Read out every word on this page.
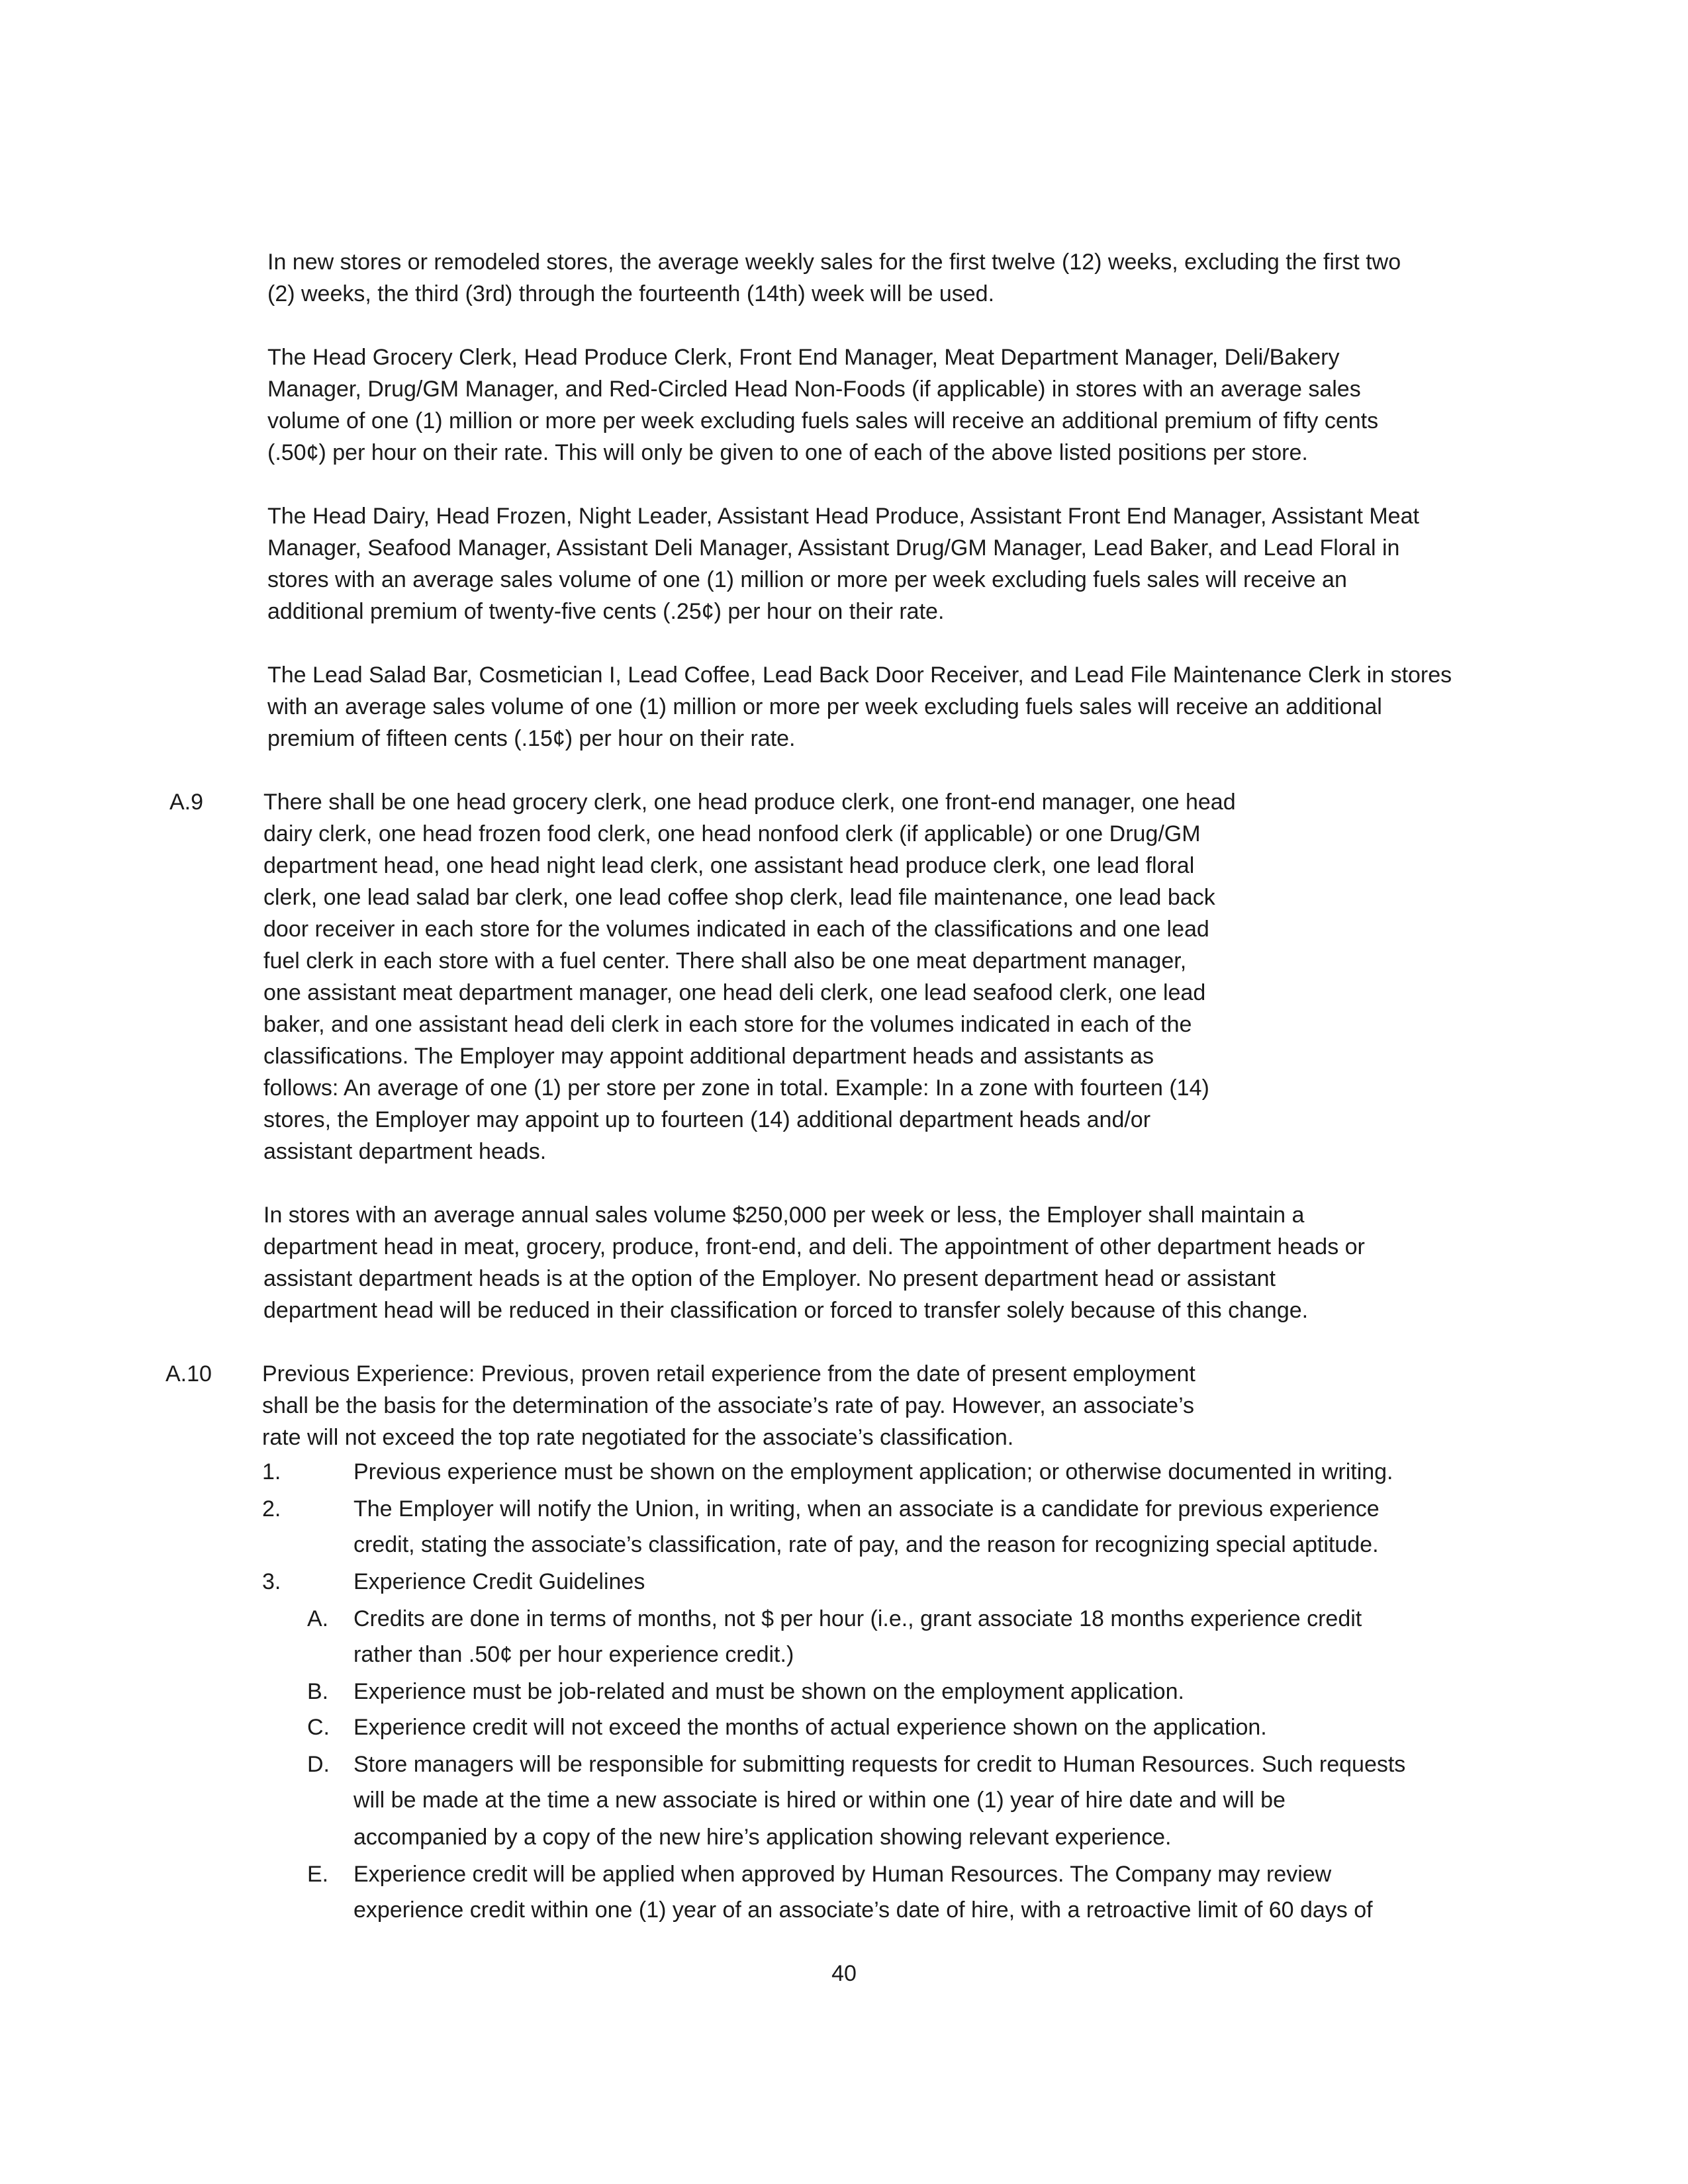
In new stores or remodeled stores, the average weekly sales for the first twelve (12) weeks, excluding the first two
(2) weeks, the third (3rd) through the fourteenth (14th) week will be used.
The Head Grocery Clerk, Head Produce Clerk, Front End Manager, Meat Department Manager, Deli/Bakery
Manager, Drug/GM Manager, and Red-Circled Head Non-Foods (if applicable) in stores with an average sales
volume of one (1) million or more per week excluding fuels sales will receive an additional premium of fifty cents
(.50¢) per hour on their rate. This will only be given to one of each of the above listed positions per store.
The Head Dairy, Head Frozen, Night Leader, Assistant Head Produce, Assistant Front End Manager, Assistant Meat
Manager, Seafood Manager, Assistant Deli Manager, Assistant Drug/GM Manager, Lead Baker, and Lead Floral in
stores with an average sales volume of one (1) million or more per week excluding fuels sales will receive an
additional premium of twenty-five cents (.25¢) per hour on their rate.
The Lead Salad Bar, Cosmetician I, Lead Coffee, Lead Back Door Receiver, and Lead File Maintenance Clerk in stores
with an average sales volume of one (1) million or more per week excluding fuels sales will receive an additional
premium of fifteen cents (.15¢) per hour on their rate.
A.9	There shall be one head grocery clerk, one head produce clerk, one front-end manager, one head
dairy clerk, one head frozen food clerk, one head nonfood clerk (if applicable) or one Drug/GM
department head, one head night lead clerk, one assistant head produce clerk, one lead floral
clerk, one lead salad bar clerk, one lead coffee shop clerk, lead file maintenance, one lead back
door receiver in each store for the volumes indicated in each of the classifications and one lead
fuel clerk in each store with a fuel center. There shall also be one meat department manager,
one assistant meat department manager, one head deli clerk, one lead seafood clerk, one lead
baker, and one assistant head deli clerk in each store for the volumes indicated in each of the
classifications. The Employer may appoint additional department heads and assistants as
follows: An average of one (1) per store per zone in total. Example: In a zone with fourteen (14)
stores, the Employer may appoint up to fourteen (14) additional department heads and/or
assistant department heads.
In stores with an average annual sales volume $250,000 per week or less, the Employer shall maintain a
department head in meat, grocery, produce, front-end, and deli. The appointment of other department heads or
assistant department heads is at the option of the Employer. No present department head or assistant
department head will be reduced in their classification or forced to transfer solely because of this change.
A.10 Previous Experience: Previous, proven retail experience from the date of present employment
shall be the basis for the determination of the associate’s rate of pay. However, an associate’s
rate will not exceed the top rate negotiated for the associate’s classification.
1.	Previous experience must be shown on the employment application; or otherwise documented in writing.
2.	The Employer will notify the Union, in writing, when an associate is a candidate for previous experience
credit, stating the associate’s classification, rate of pay, and the reason for recognizing special aptitude.
3.	Experience Credit Guidelines
A. Credits are done in terms of months, not $ per hour (i.e., grant associate 18 months experience credit
rather than .50¢ per hour experience credit.)
B. Experience must be job-related and must be shown on the employment application.
C. Experience credit will not exceed the months of actual experience shown on the application.
D. Store managers will be responsible for submitting requests for credit to Human Resources. Such requests
will be made at the time a new associate is hired or within one (1) year of hire date and will be
accompanied by a copy of the new hire’s application showing relevant experience.
E. Experience credit will be applied when approved by Human Resources. The Company may review
experience credit within one (1) year of an associate’s date of hire, with a retroactive limit of 60 days of
40
